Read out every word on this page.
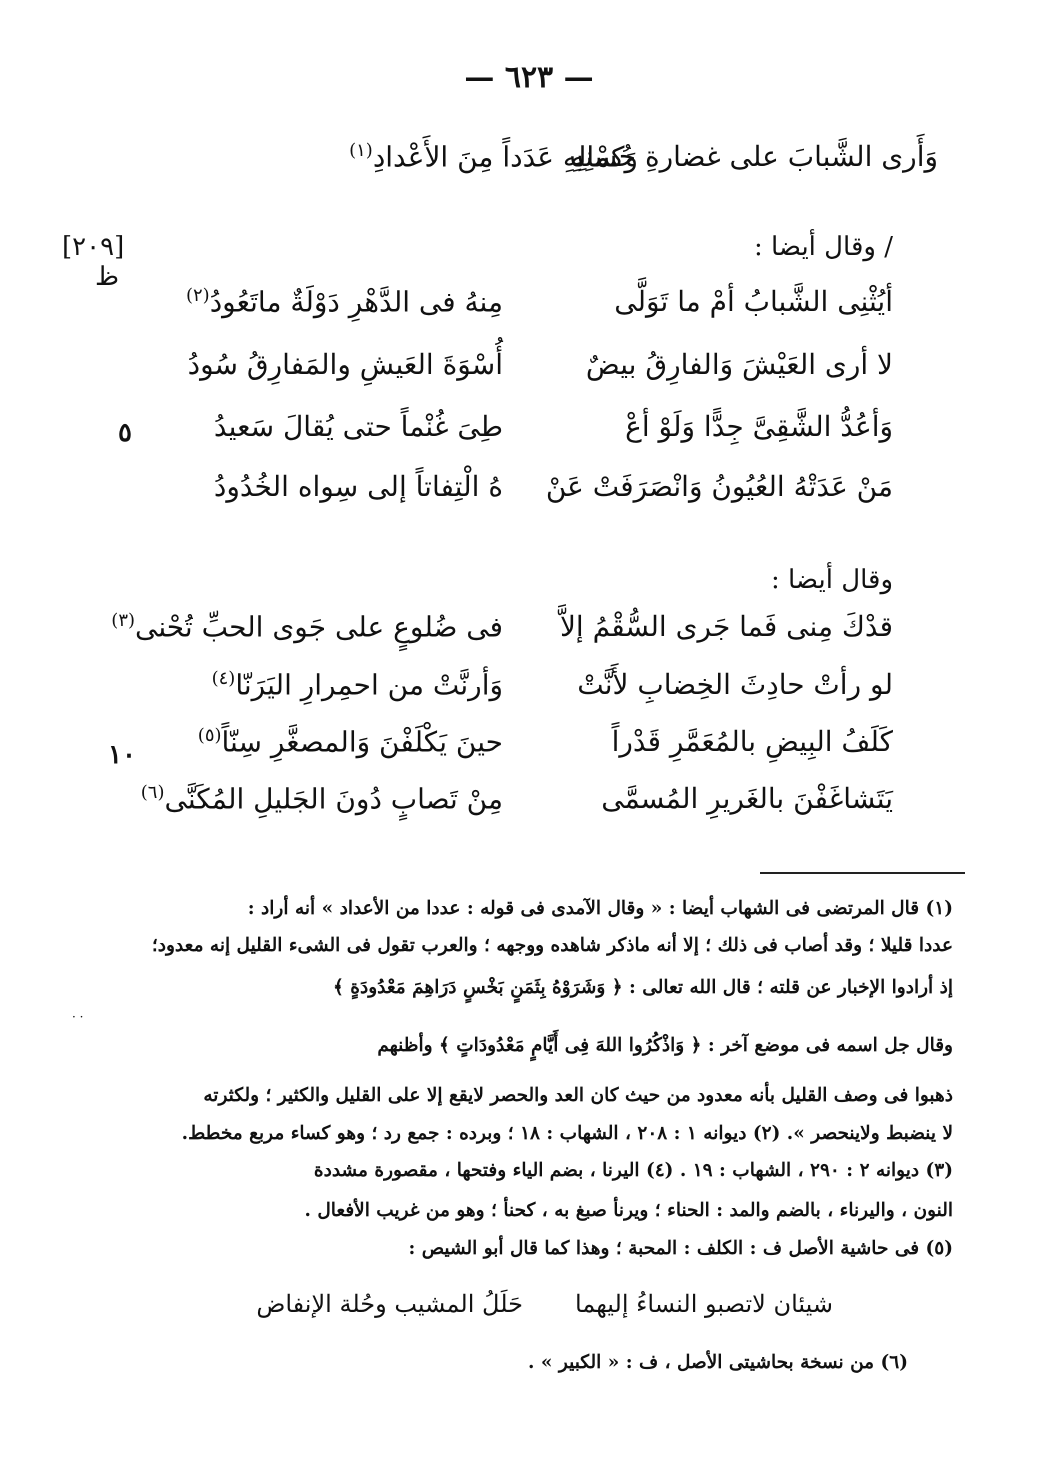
— ٦٢٣ —
وَأَرى الشَّبابَ على غضارةِ حُسْنِهِ
وَكمالِهِ عَدَداً مِنَ الأَعْدادِ$^{(١)}$
[٢٠٩]
ظ
٥
١٠
/ وقال أيضا :
أيُثْنِى الشَّبابُ أمْ ما تَوَلَّى
مِنهُ فى الدَّهْرِ دَوْلَةٌ ماتَعُودُ$^{(٢)}$
لا أرى العَيْشَ وَالفارِقُ بيضٌ
أُسْوَةَ العَيشِ والمَفارِقُ سُودُ
وَأعُدُّ الشَّقِىَّ جِدًّا وَلَوْ أعْ
طِىَ غُنْماً حتى يُقالَ سَعيدُ
مَنْ عَدَتْهُ العُيُونُ وَانْصَرَفَتْ عَنْ
هُ الْتِفاتاً إلى سِواه الخُدُودُ
وقال أيضا :
قدْكَ مِنى فَما جَرى السُّقْمُ إلاَّ
فى ضُلوعٍ على جَوى الحبِّ تُحْنى$^{(٣)}$
لو رأتْ حادِثَ الخِضابِ لأَنَّتْ
وَأرنَّتْ من احمِرارِ اليَرَنّا$^{(٤)}$
كَلَفُ البِيضِ بالمُعَمَّرِ قَدْراً
حينَ يَكْلَفْنَ وَالمصغَّرِ سِنّاً$^{(٥)}$
يَتَشاغَفْنَ بالغَريرِ المُسمَّى
مِنْ تَصابٍ دُونَ الجَليلِ المُكَنَّى$^{(٦)}$
· ·
(١) قال المرتضى فى الشهاب أيضا : « وقال الآمدى فى قوله : عددا من الأعداد » أنه أراد :
عددا قليلا ؛ وقد أصاب فى ذلك ؛ إلا أنه ماذكر شاهده ووجهه ؛ والعرب تقول فى الشىء القليل إنه معدود؛
إذ أرادوا الإخبار عن قلته ؛ قال الله تعالى : ﴿ وَشَرَوْهُ بِثَمَنٍ بَخْسٍ دَرَاهِمَ مَعْدُودَةٍ ﴾
وقال جل اسمه فى موضع آخر : ﴿ وَاذْكُرُوا اللهَ فِى أَيَّامٍ مَعْدُودَاتٍ ﴾ وأظنهم
ذهبوا فى وصف القليل بأنه معدود من حيث كان العد والحصر لايقع إلا على القليل والكثير ؛ ولكثرته
لا ينضبط ولاينحصر ». (٢) ديوانه ١ : ٢٠٨ ، الشهاب : ١٨ ؛ وبرده : جمع رد ؛ وهو كساء مربع مخطط.
(٣) ديوانه ٢ : ٢٩٠ ، الشهاب : ١٩ . (٤) اليرنا ، بضم الياء وفتحها ، مقصورة مشددة
النون ، واليرناء ، بالضم والمد : الحناء ؛ ويرنأ صبغ به ، كحنأ ؛ وهو من غريب الأفعال .
(٥) فى حاشية الأصل ف : الكلف : المحبة ؛ وهذا كما قال أبو الشيص :
شيئان لاتصبو النساءُ إليهما
حَلَلُ المشيب وحُلة الإنفاض
(٦) من نسخة بحاشيتى الأصل ، ف : « الكبير » .
